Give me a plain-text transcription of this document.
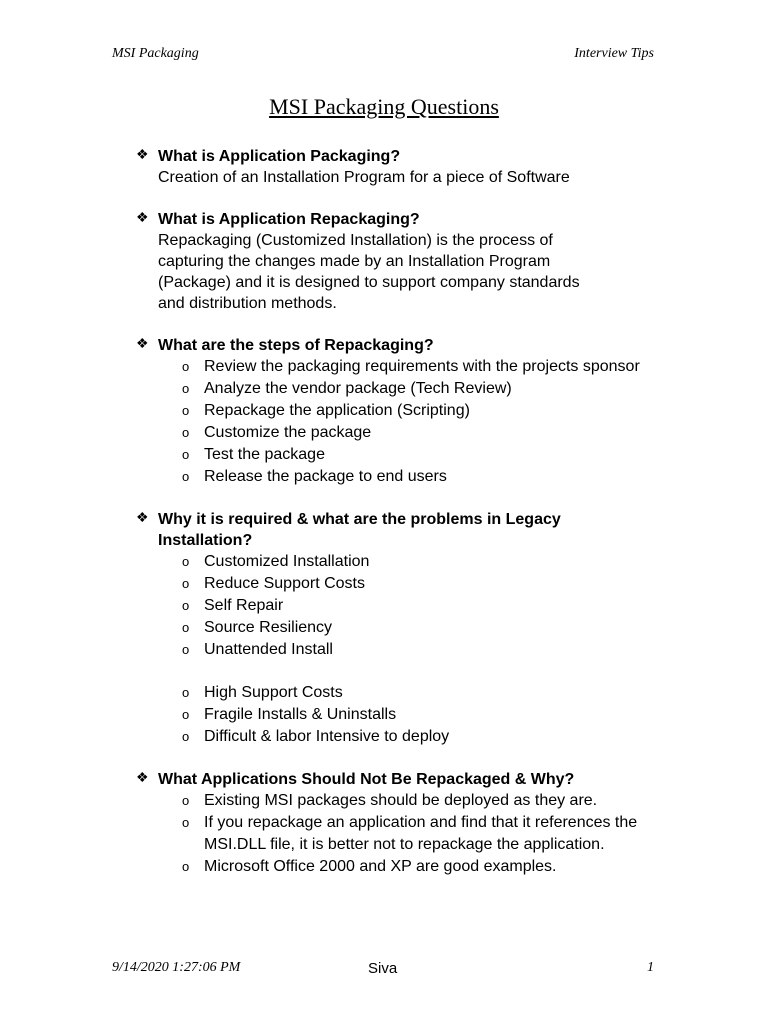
MSI Packaging	Interview Tips
MSI Packaging Questions
❖ What is Application Packaging?
Creation of an Installation Program for a piece of Software
❖ What is Application Repackaging?
Repackaging (Customized Installation) is the process of
capturing the changes made by an Installation Program
(Package) and it is designed to support company standards
and distribution methods.
❖ What are the steps of Repackaging?
o Review the packaging requirements with the projects sponsor
o Analyze the vendor package (Tech Review)
o Repackage the application (Scripting)
o Customize the package
o Test the package
o Release the package to end users
❖ Why it is required & what are the problems in Legacy
Installation?
o Customized Installation
o Reduce Support Costs
o Self Repair
o Source Resiliency
o Unattended Install
o High Support Costs
o Fragile Installs & Uninstalls
o Difficult & labor Intensive to deploy
❖ What Applications Should Not Be Repackaged & Why?
o Existing MSI packages should be deployed as they are.
o If you repackage an application and find that it references the MSI.DLL file, it is better not to repackage the application.
o Microsoft Office 2000 and XP are good examples.
9/14/2020 1:27:06 PM	Siva	1
